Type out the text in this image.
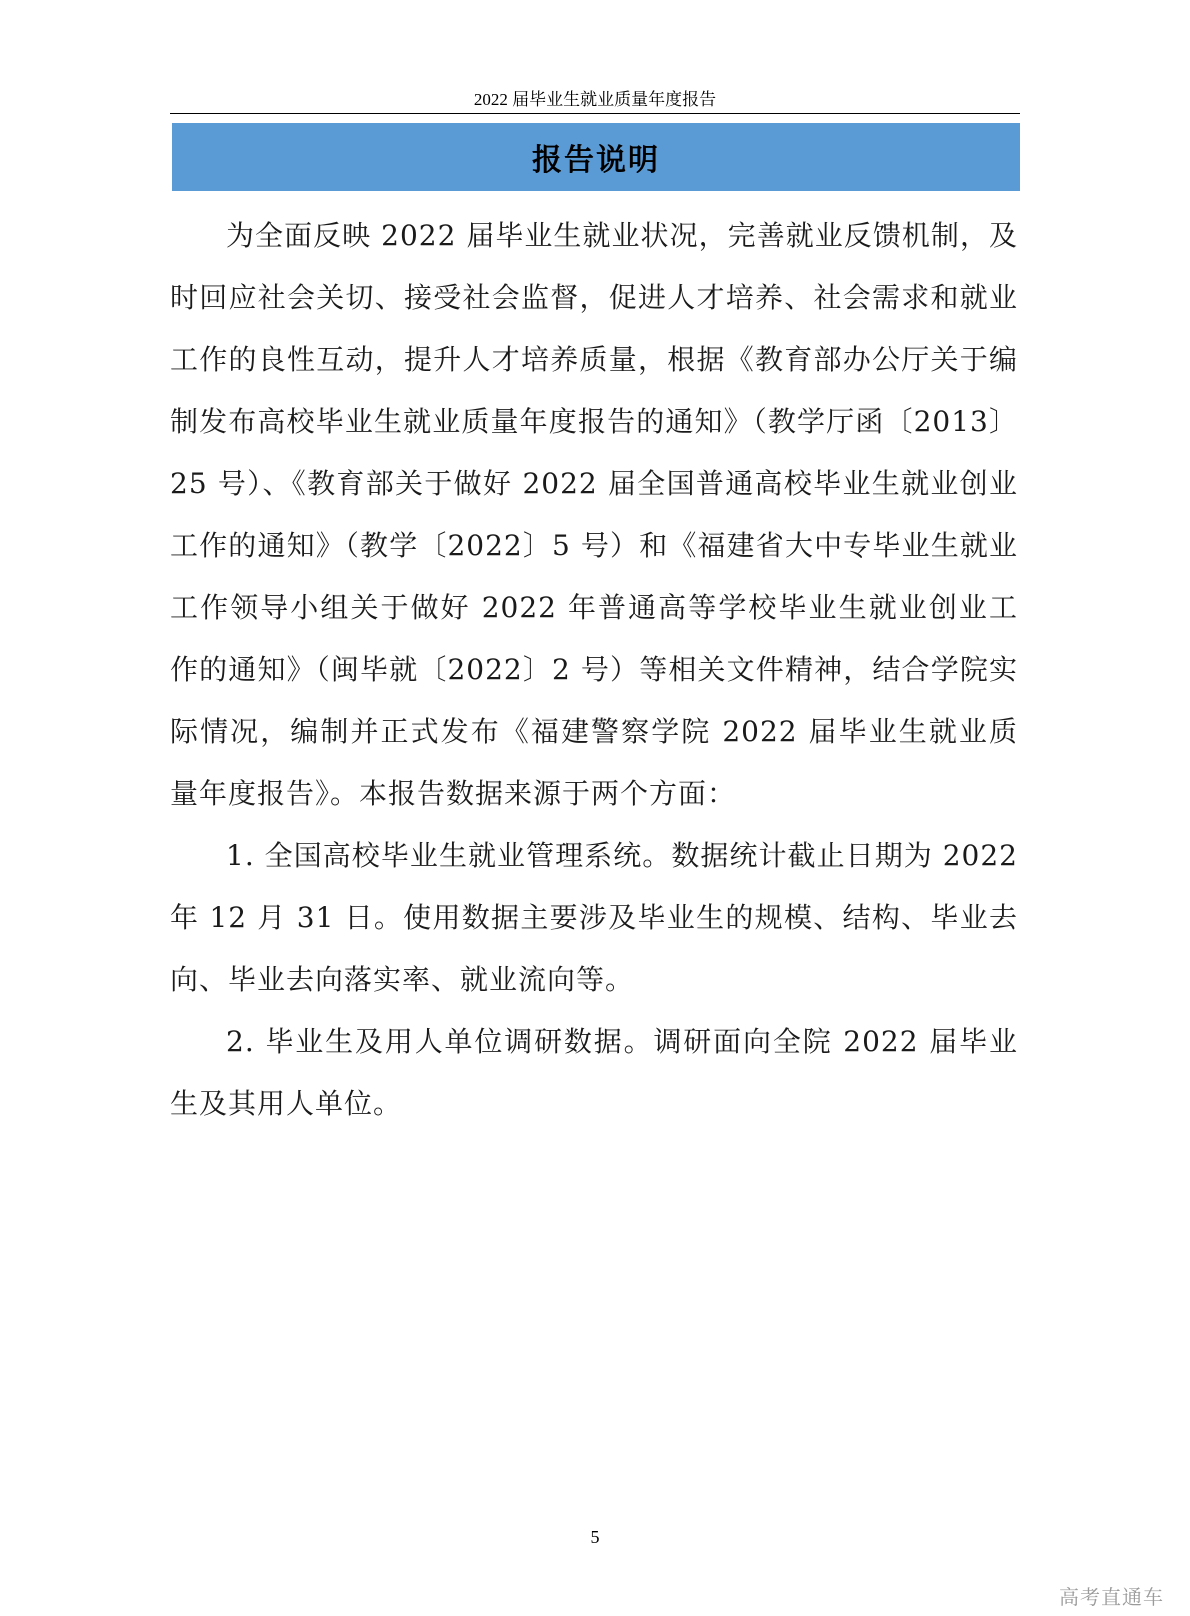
2022 届毕业生就业质量年度报告
报告说明

为全面反映 2022 届毕业生就业状况，完善就业反馈机制，及时回应社会关切、接受社会监督，促进人才培养、社会需求和就业工作的良性互动，提升人才培养质量，根据《教育部办公厅关于编制发布高校毕业生就业质量年度报告的通知》（教学厅函〔2013〕25 号）、《教育部关于做好 2022 届全国普通高校毕业生就业创业工作的通知》（教学〔2022〕5 号）和《福建省大中专毕业生就业工作领导小组关于做好 2022 年普通高等学校毕业生就业创业工作的通知》（闽毕就〔2022〕2 号）等相关文件精神，结合学院实际情况，编制并正式发布《福建警察学院 2022 届毕业生就业质量年度报告》。本报告数据来源于两个方面：

1. 全国高校毕业生就业管理系统。数据统计截止日期为 2022 年 12 月 31 日。使用数据主要涉及毕业生的规模、结构、毕业去向、毕业去向落实率、就业流向等。

2. 毕业生及用人单位调研数据。调研面向全院 2022 届毕业生及其用人单位。

5
高考直通车
